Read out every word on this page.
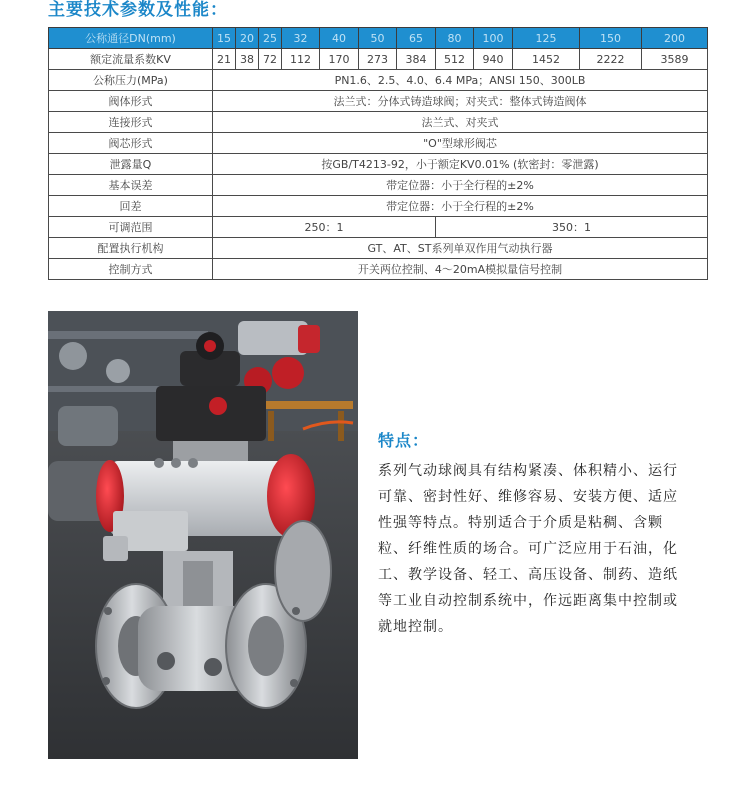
主要技术参数及性能：
公称通径DN(mm)	15	20	25	32	40	50	65	80	100	125	150	200
额定流量系数KV	21	38	72	112	170	273	384	512	940	1452	2222	3589
公称压力(MPa)	PN1.6、2.5、4.0、6.4 MPa；ANSI 150、300LB											
阀体形式	法兰式：分体式铸造球阀；对夹式：整体式铸造阀体											
连接形式	法兰式、对夹式											
阀芯形式	"O"型球形阀芯											
泄露量Q	按GB/T4213-92，小于额定KV0.01% (软密封：零泄露)											
基本误差	带定位器：小于全行程的±2%											
回差	带定位器：小于全行程的±2%											
可调范围	250：1							350：1				
配置执行机构	GT、AT、ST系列单双作用气动执行器											
控制方式	开关两位控制、4～20mA模拟量信号控制											
特点：
系列气动球阀具有结构紧凑、体积精小、运行可靠、密封性好、维修容易、安装方便、适应性强等特点。特别适合于介质是粘稠、含颗粒、纤维性质的场合。可广泛应用于石油，化工、教学设备、轻工、高压设备、制药、造纸等工业自动控制系统中，作远距离集中控制或就地控制。
